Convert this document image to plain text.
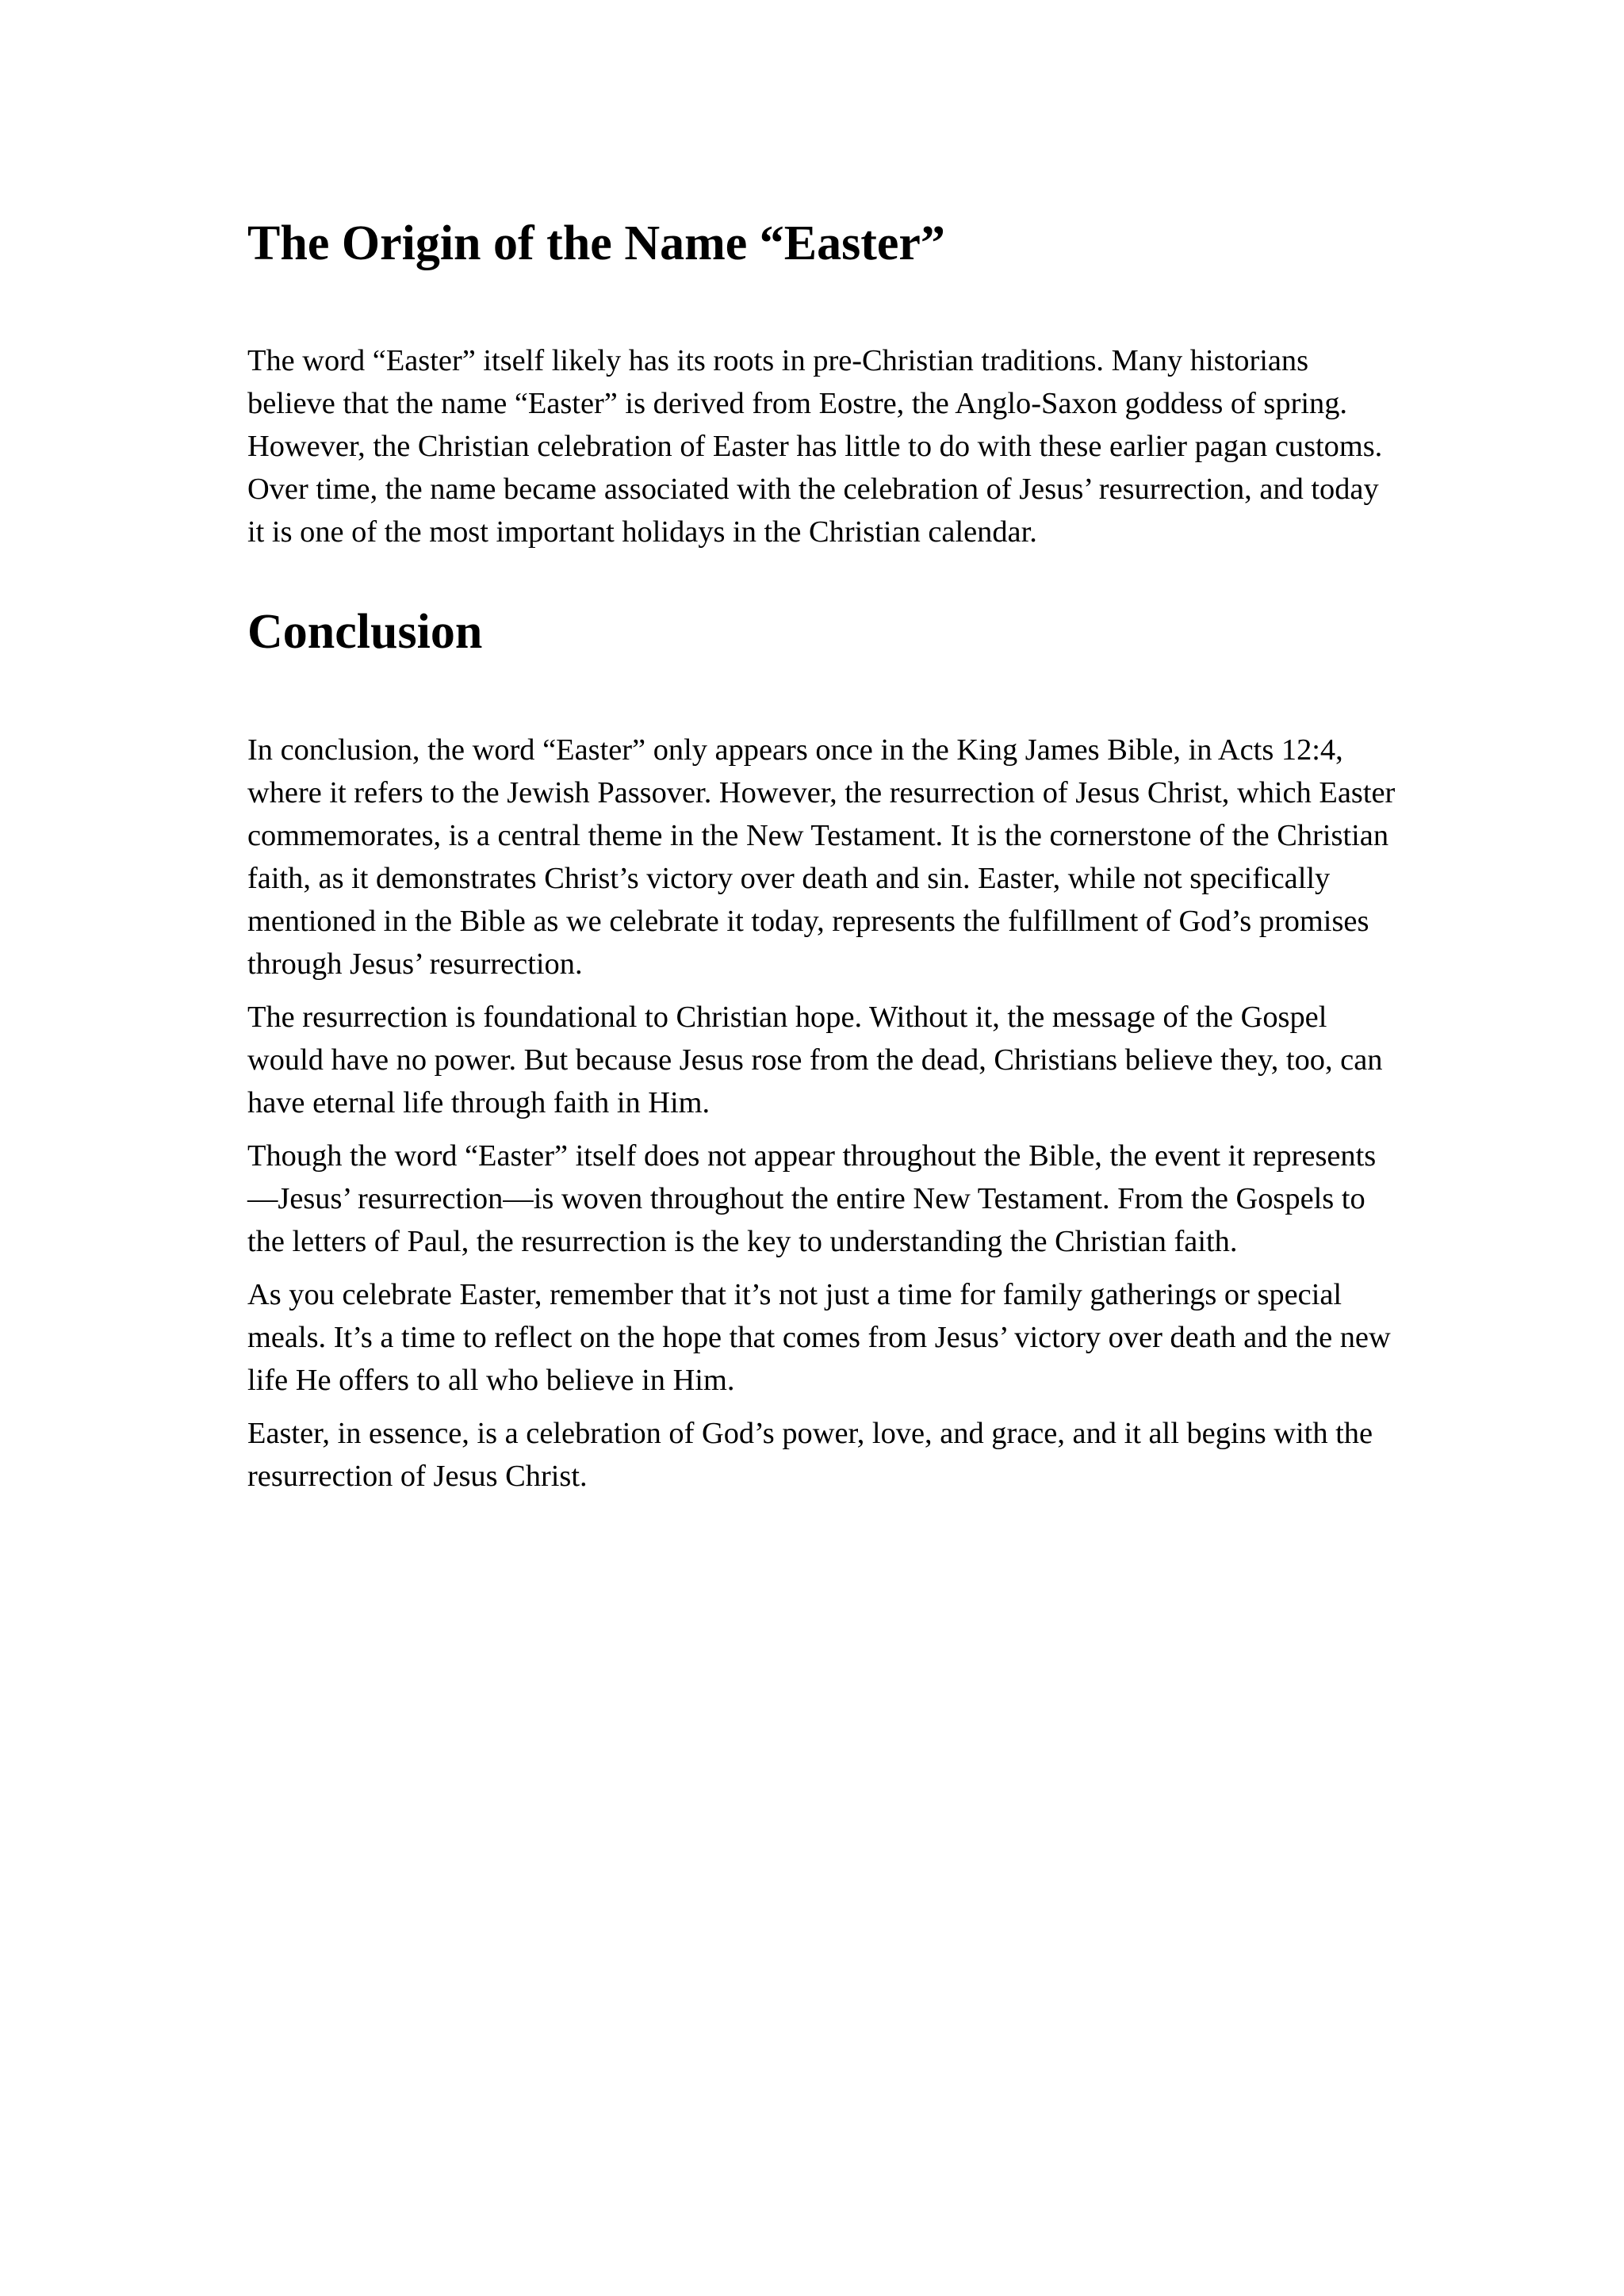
The Origin of the Name “Easter”

The word “Easter” itself likely has its roots in pre-Christian traditions. Many historians believe that the name “Easter” is derived from Eostre, the Anglo-Saxon goddess of spring. However, the Christian celebration of Easter has little to do with these earlier pagan customs. Over time, the name became associated with the celebration of Jesus’ resurrection, and today it is one of the most important holidays in the Christian calendar.

Conclusion

In conclusion, the word “Easter” only appears once in the King James Bible, in Acts 12:4, where it refers to the Jewish Passover. However, the resurrection of Jesus Christ, which Easter commemorates, is a central theme in the New Testament. It is the cornerstone of the Christian faith, as it demonstrates Christ’s victory over death and sin. Easter, while not specifically mentioned in the Bible as we celebrate it today, represents the fulfillment of God’s promises through Jesus’ resurrection.

The resurrection is foundational to Christian hope. Without it, the message of the Gospel would have no power. But because Jesus rose from the dead, Christians believe they, too, can have eternal life through faith in Him.

Though the word “Easter” itself does not appear throughout the Bible, the event it represents—Jesus’ resurrection—is woven throughout the entire New Testament. From the Gospels to the letters of Paul, the resurrection is the key to understanding the Christian faith.

As you celebrate Easter, remember that it’s not just a time for family gatherings or special meals. It’s a time to reflect on the hope that comes from Jesus’ victory over death and the new life He offers to all who believe in Him.

Easter, in essence, is a celebration of God’s power, love, and grace, and it all begins with the resurrection of Jesus Christ.
